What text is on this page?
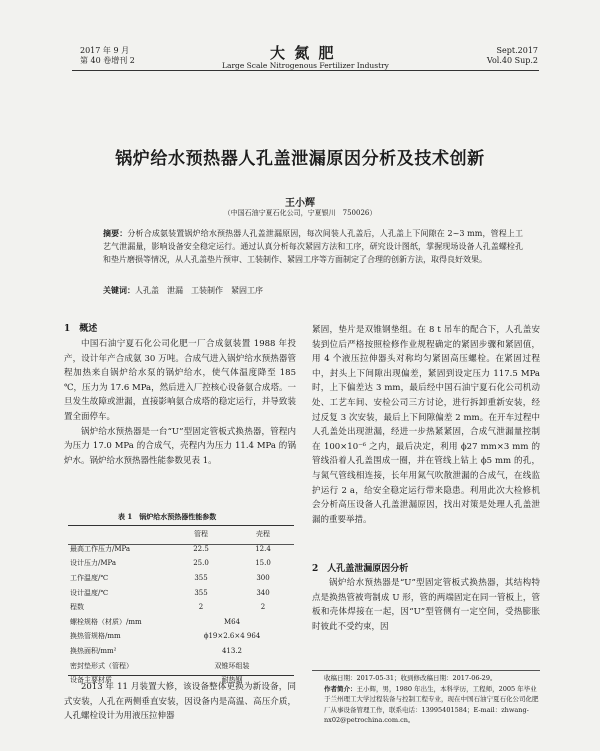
2017 年 9 月
第 40 卷增刊 2	大 氮 肥
Large Scale Nitrogenous Fertilizer Industry
Sept.2017
Vol.40 Sup.2
锅炉给水预热器人孔盖泄漏原因分析及技术创新
王小辉
（中国石油宁夏石化公司，宁夏银川　750026）
摘要：分析合成氨装置锅炉给水预热器人孔盖泄漏原因，每次间装人孔盖后，人孔盖上下间隙在 2~3 mm，管程上工艺气泄漏量，影响设备安全稳定运行。通过认真分析每次紧固方法和工序，研究设计图纸，掌握现场设备人孔盖螺栓孔和垫片磨损等情况，从人孔盖垫片预审、工装制作、紧固工序等方面制定了合理的创新方法，取得良好效果。
关键词：人孔盖　泄漏　工装制作　紧固工序
1　概述

中国石油宁夏石化公司化肥一厂合成氨装置 1988 年投产，设计年产合成氨 30 万吨。合成气进入锅炉给水预热器管程加热来自锅炉给水泵的锅炉给水，使气体温度降至 185 ℃，压力为 17.6 MPa，然后进入厂控核心设备氨合成塔。一旦发生故障或泄漏，直接影响氨合成塔的稳定运行，并导致装置全面停车。

锅炉给水预热器是一台“U”型固定管板式换热器，管程内为压力 17.0 MPa 的合成气，壳程内为压力 11.4 MPa 的锅炉水。锅炉给水预热器性能参数见表 1。

表 1　锅炉给水预热器性能参数
	管程	壳程
最高工作压力/MPa	22.5	12.4
设计压力/MPa	25.0	15.0
工作温度/℃	355	300
设计温度/℃	355	340
程数	2	2
螺栓规格（材质）/mm	M64	
换热管规格/mm	ϕ19×2.6×4 964	
换热面积/mm²	413.2	
密封垫形式（管程）	双锥环组装	
设备主要材质	耐热钢	

2013 年 11 月装置大修，该设备整体更换为新设备，同式安装，人孔在两侧垂直安装，因设备内是高温、高压介质，人孔螺栓设计为用液压拉伸器

紧固，垫片是双锥钢垫组。在 8 t 吊车的配合下，人孔盖安装到位后严格按照检修作业规程确定的紧固步骤和紧固值，用 4 个液压拉伸器头对称均匀紧固高压螺栓。在紧固过程中，封头上下间隙出现偏差，紧固到设定压力 117.5 MPa 时，上下偏差达 3 mm，最后经中国石油宁夏石化公司机动处、工艺车间、安检公司三方讨论，进行拆卸重新安装，经过反复 3 次安装，最后上下间隙偏差 2 mm。在开车过程中人孔盖处出现泄漏，经进一步热紧紧固，合成气泄漏量控制在 100×10⁻⁶ 之内，最后决定，利用 ϕ27 mm×3 mm 的管线沿着人孔盖围成一圈，并在管线上钻上 ϕ5 mm 的孔，与氮气管线相连接，长年用氮气吹散泄漏的合成气，在线监护运行 2 a，给安全稳定运行带来隐患。利用此次大检修机会分析高压设备人孔盖泄漏原因，找出对策是处理人孔盖泄漏的重要举措。

2　人孔盖泄漏原因分析

锅炉给水预热器是“U”型固定管板式换热器，其结构特点是换热管被弯制成 U 形，管的两端固定在同一管板上，管板和壳体焊接在一起，因“U”型管侧有一定空间，受热膨胀时彼此不受约束，因

收稿日期：2017-05-31；收到修改稿日期：2017-06-29。
作者简介：王小辉，男，1980 年出生，本科学历，工程师，2005 年毕业于兰州理工大学过程装备与控制工程专业，现在中国石油宁夏石化公司化肥厂从事设备管理工作，联系电话：13995401584；E-mail：zhwang-nx02@petrochina.com.cn。
